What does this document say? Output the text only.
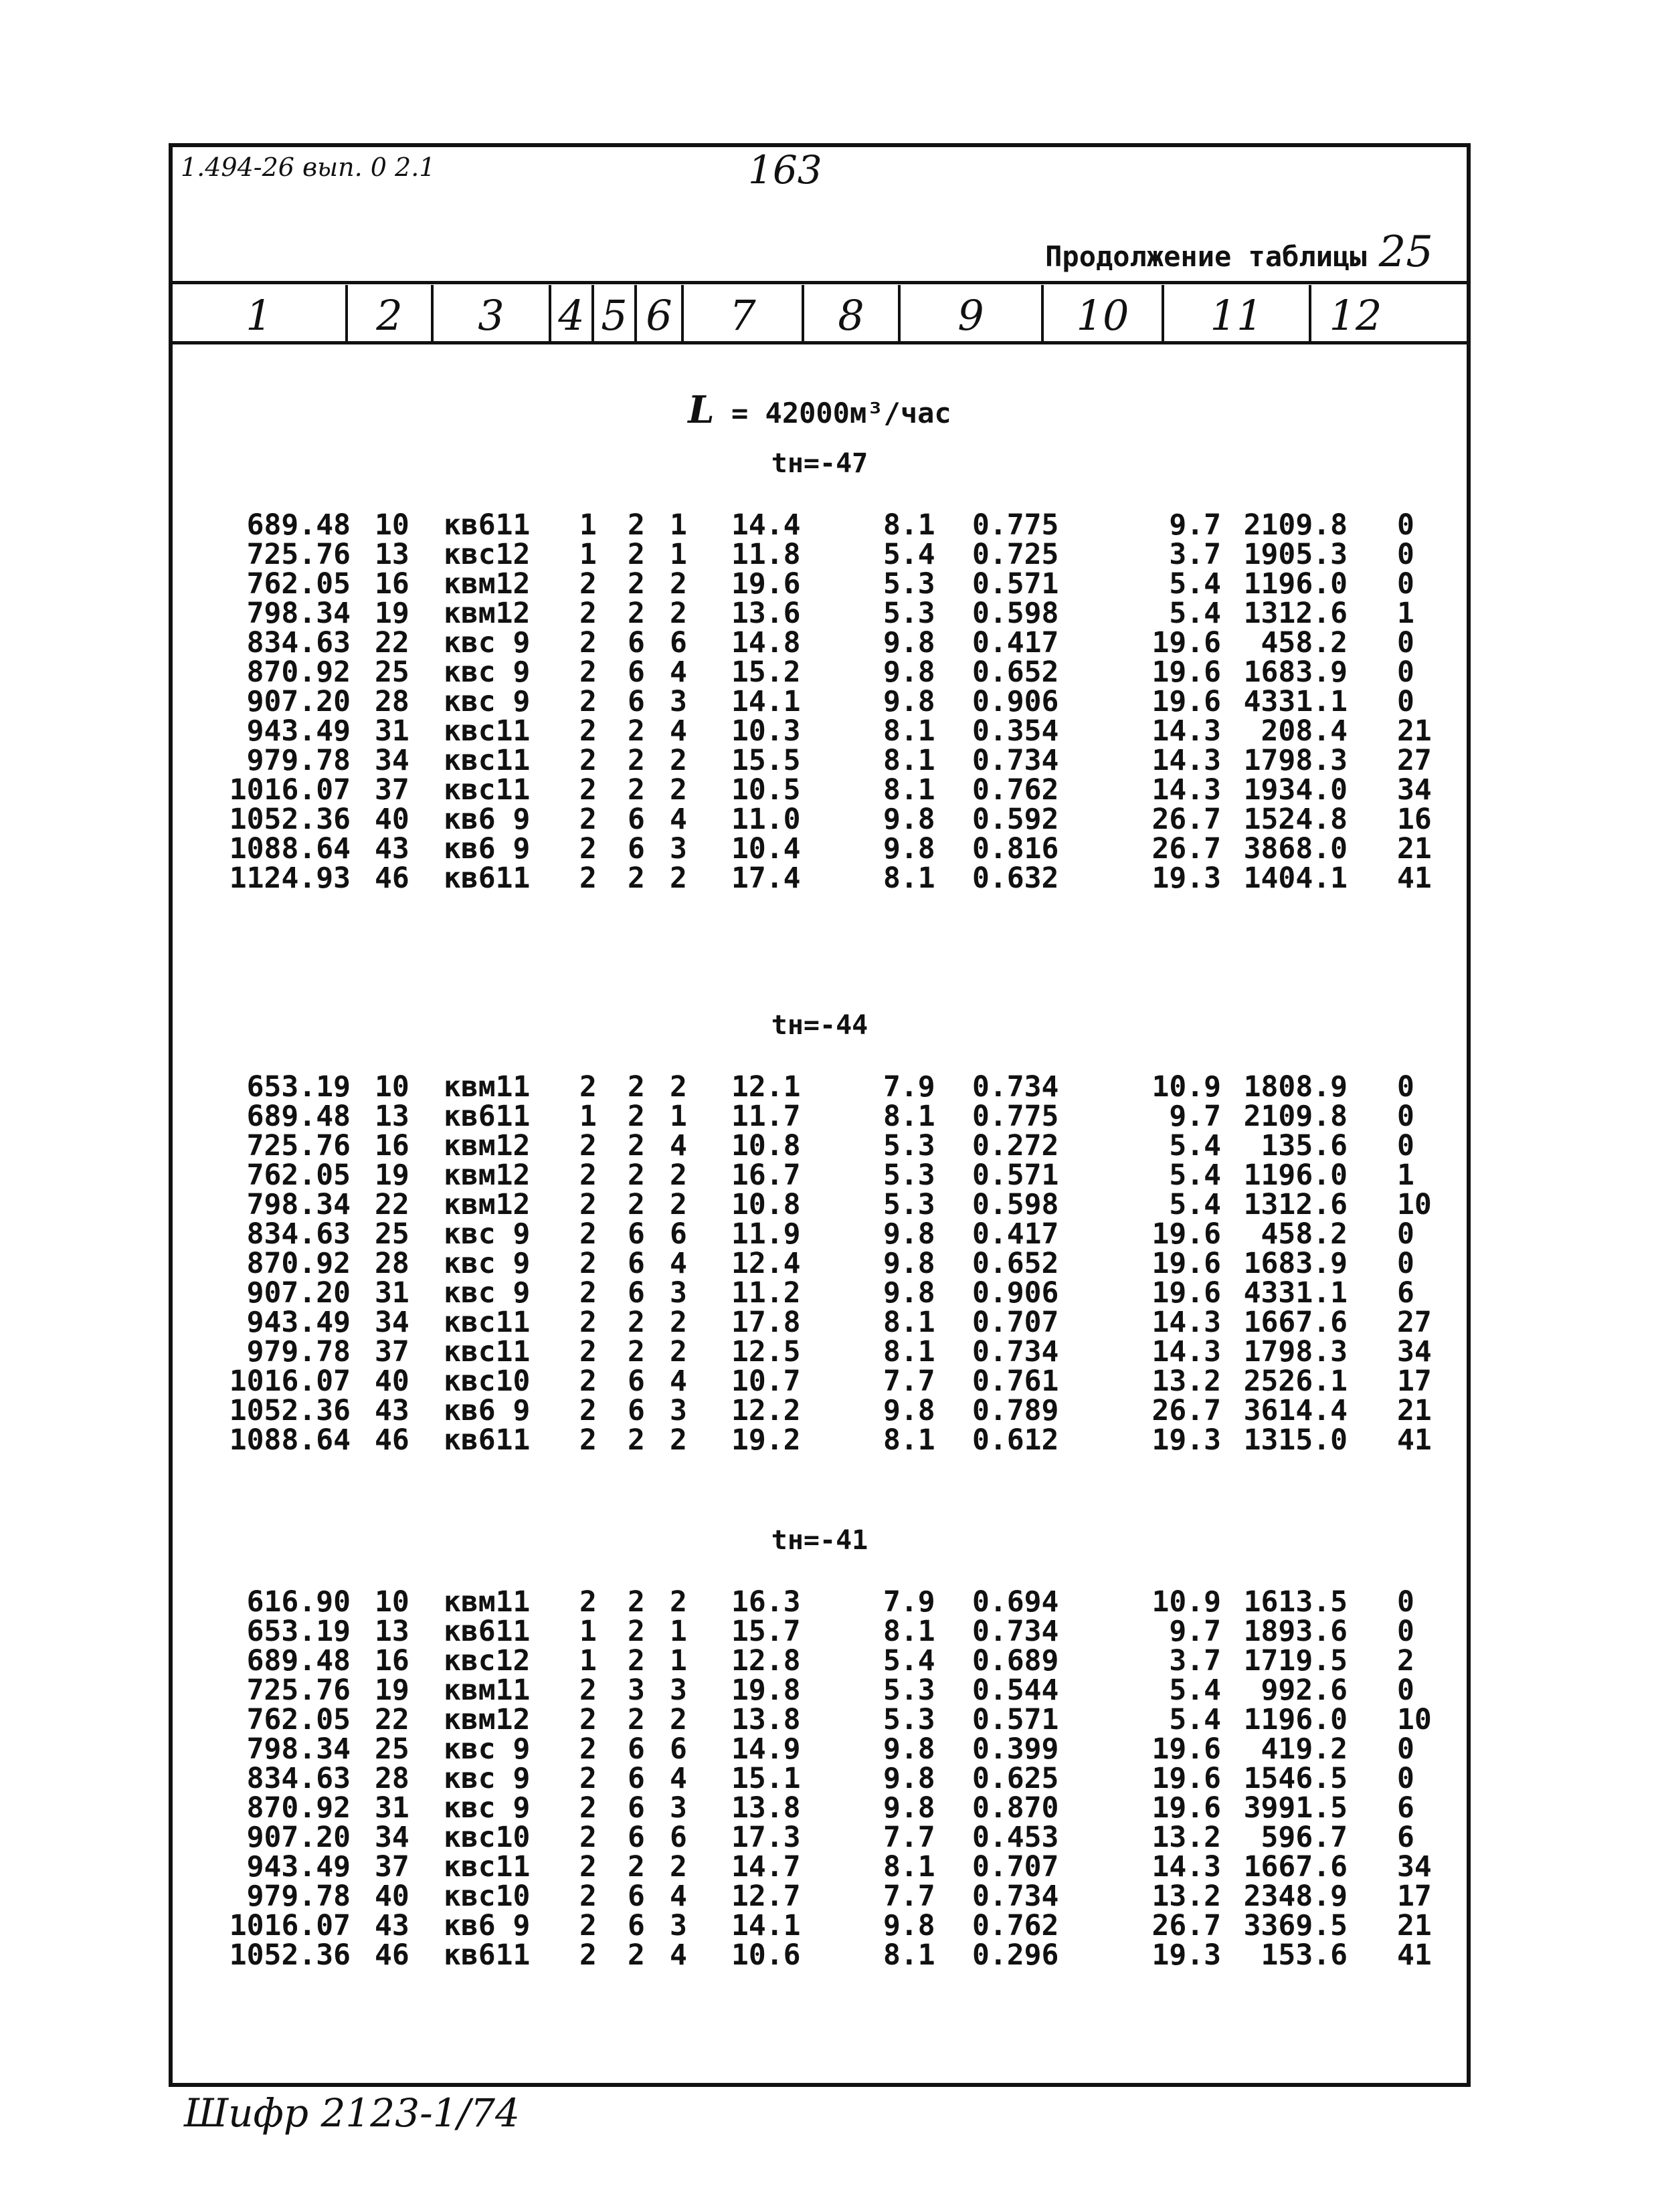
1.494-26 вып. 0 2.1	163
Продолжение таблицы 25
1	2	3	4 5 6	7	8	9	10	11	12
L = 42000м³/час
tн=-47
689.48 10 кв611 1 2 1 14.4	8.1 0.775	9.7 2109.8 0
725.76 13 квс12 1 2 1 11.8	5.4 0.725	3.7 1905.3 0
762.05 16 квм12 2 2 2 19.6	5.3 0.571	5.4 1196.0 0
798.34 19 квм12 2 2 2 13.6	5.3 0.598	5.4 1312.6 1
834.63 22 квс 9 2 6 6 14.8	9.8 0.417	19.6 458.2 0
870.92 25 квс 9 2 6 4 15.2	9.8 0.652	19.6 1683.9 0
907.20 28 квс 9 2 6 3 14.1	9.8 0.906	19.6 4331.1 0
943.49 31 квс11 2 2 4 10.3	8.1 0.354	14.3 208.4 21
979.78 34 квс11 2 2 2 15.5	8.1 0.734	14.3 1798.3 27
1016.07 37 квс11 2 2 2 10.5	8.1 0.762	14.3 1934.0 34
1052.36 40 кв6 9 2 6 4 11.0	9.8 0.592	26.7 1524.8 16
1088.64 43 кв6 9 2 6 3 10.4	9.8 0.816	26.7 3868.0 21
1124.93 46 кв611 2 2 2 17.4	8.1 0.632	19.3 1404.1 41
tн=-44
653.19 10 квм11 2 2 2 12.1	7.9 0.734	10.9 1808.9 0
689.48 13 кв611 1 2 1 11.7	8.1 0.775	9.7 2109.8 0
725.76 16 квм12 2 2 4 10.8	5.3 0.272	5.4 135.6 0
762.05 19 квм12 2 2 2 16.7	5.3 0.571	5.4 1196.0 1
798.34 22 квм12 2 2 2 10.8	5.3 0.598	5.4 1312.6 10
834.63 25 квс 9 2 6 6 11.9	9.8 0.417	19.6 458.2 0
870.92 28 квс 9 2 6 4 12.4	9.8 0.652	19.6 1683.9 0
907.20 31 квс 9 2 6 3 11.2	9.8 0.906	19.6 4331.1 6
943.49 34 квс11 2 2 2 17.8	8.1 0.707	14.3 1667.6 27
979.78 37 квс11 2 2 2 12.5	8.1 0.734	14.3 1798.3 34
1016.07 40 квс10 2 6 4 10.7	7.7 0.761	13.2 2526.1 17
1052.36 43 кв6 9 2 6 3 12.2	9.8 0.789	26.7 3614.4 21
1088.64 46 кв611 2 2 2 19.2	8.1 0.612	19.3 1315.0 41
tн=-41
616.90 10 квм11 2 2 2 16.3	7.9 0.694	10.9 1613.5 0
653.19 13 кв611 1 2 1 15.7	8.1 0.734	9.7 1893.6 0
689.48 16 квс12 1 2 1 12.8	5.4 0.689	3.7 1719.5 2
725.76 19 квм11 2 3 3 19.8	5.3 0.544	5.4 992.6 0
762.05 22 квм12 2 2 2 13.8	5.3 0.571	5.4 1196.0 10
798.34 25 квс 9 2 6 6 14.9	9.8 0.399	19.6 419.2 0
834.63 28 квс 9 2 6 4 15.1	9.8 0.625	19.6 1546.5 0
870.92 31 квс 9 2 6 3 13.8	9.8 0.870	19.6 3991.5 6
907.20 34 квс10 2 6 6 17.3	7.7 0.453	13.2 596.7 6
943.49 37 квс11 2 2 2 14.7	8.1 0.707	14.3 1667.6 34
979.78 40 квс10 2 6 4 12.7	7.7 0.734	13.2 2348.9 17
1016.07 43 кв6 9 2 6 3 14.1	9.8 0.762	26.7 3369.5 21
1052.36 46 кв611 2 2 4 10.6	8.1 0.296	19.3 153.6 41
Шифр 2123-1/74
